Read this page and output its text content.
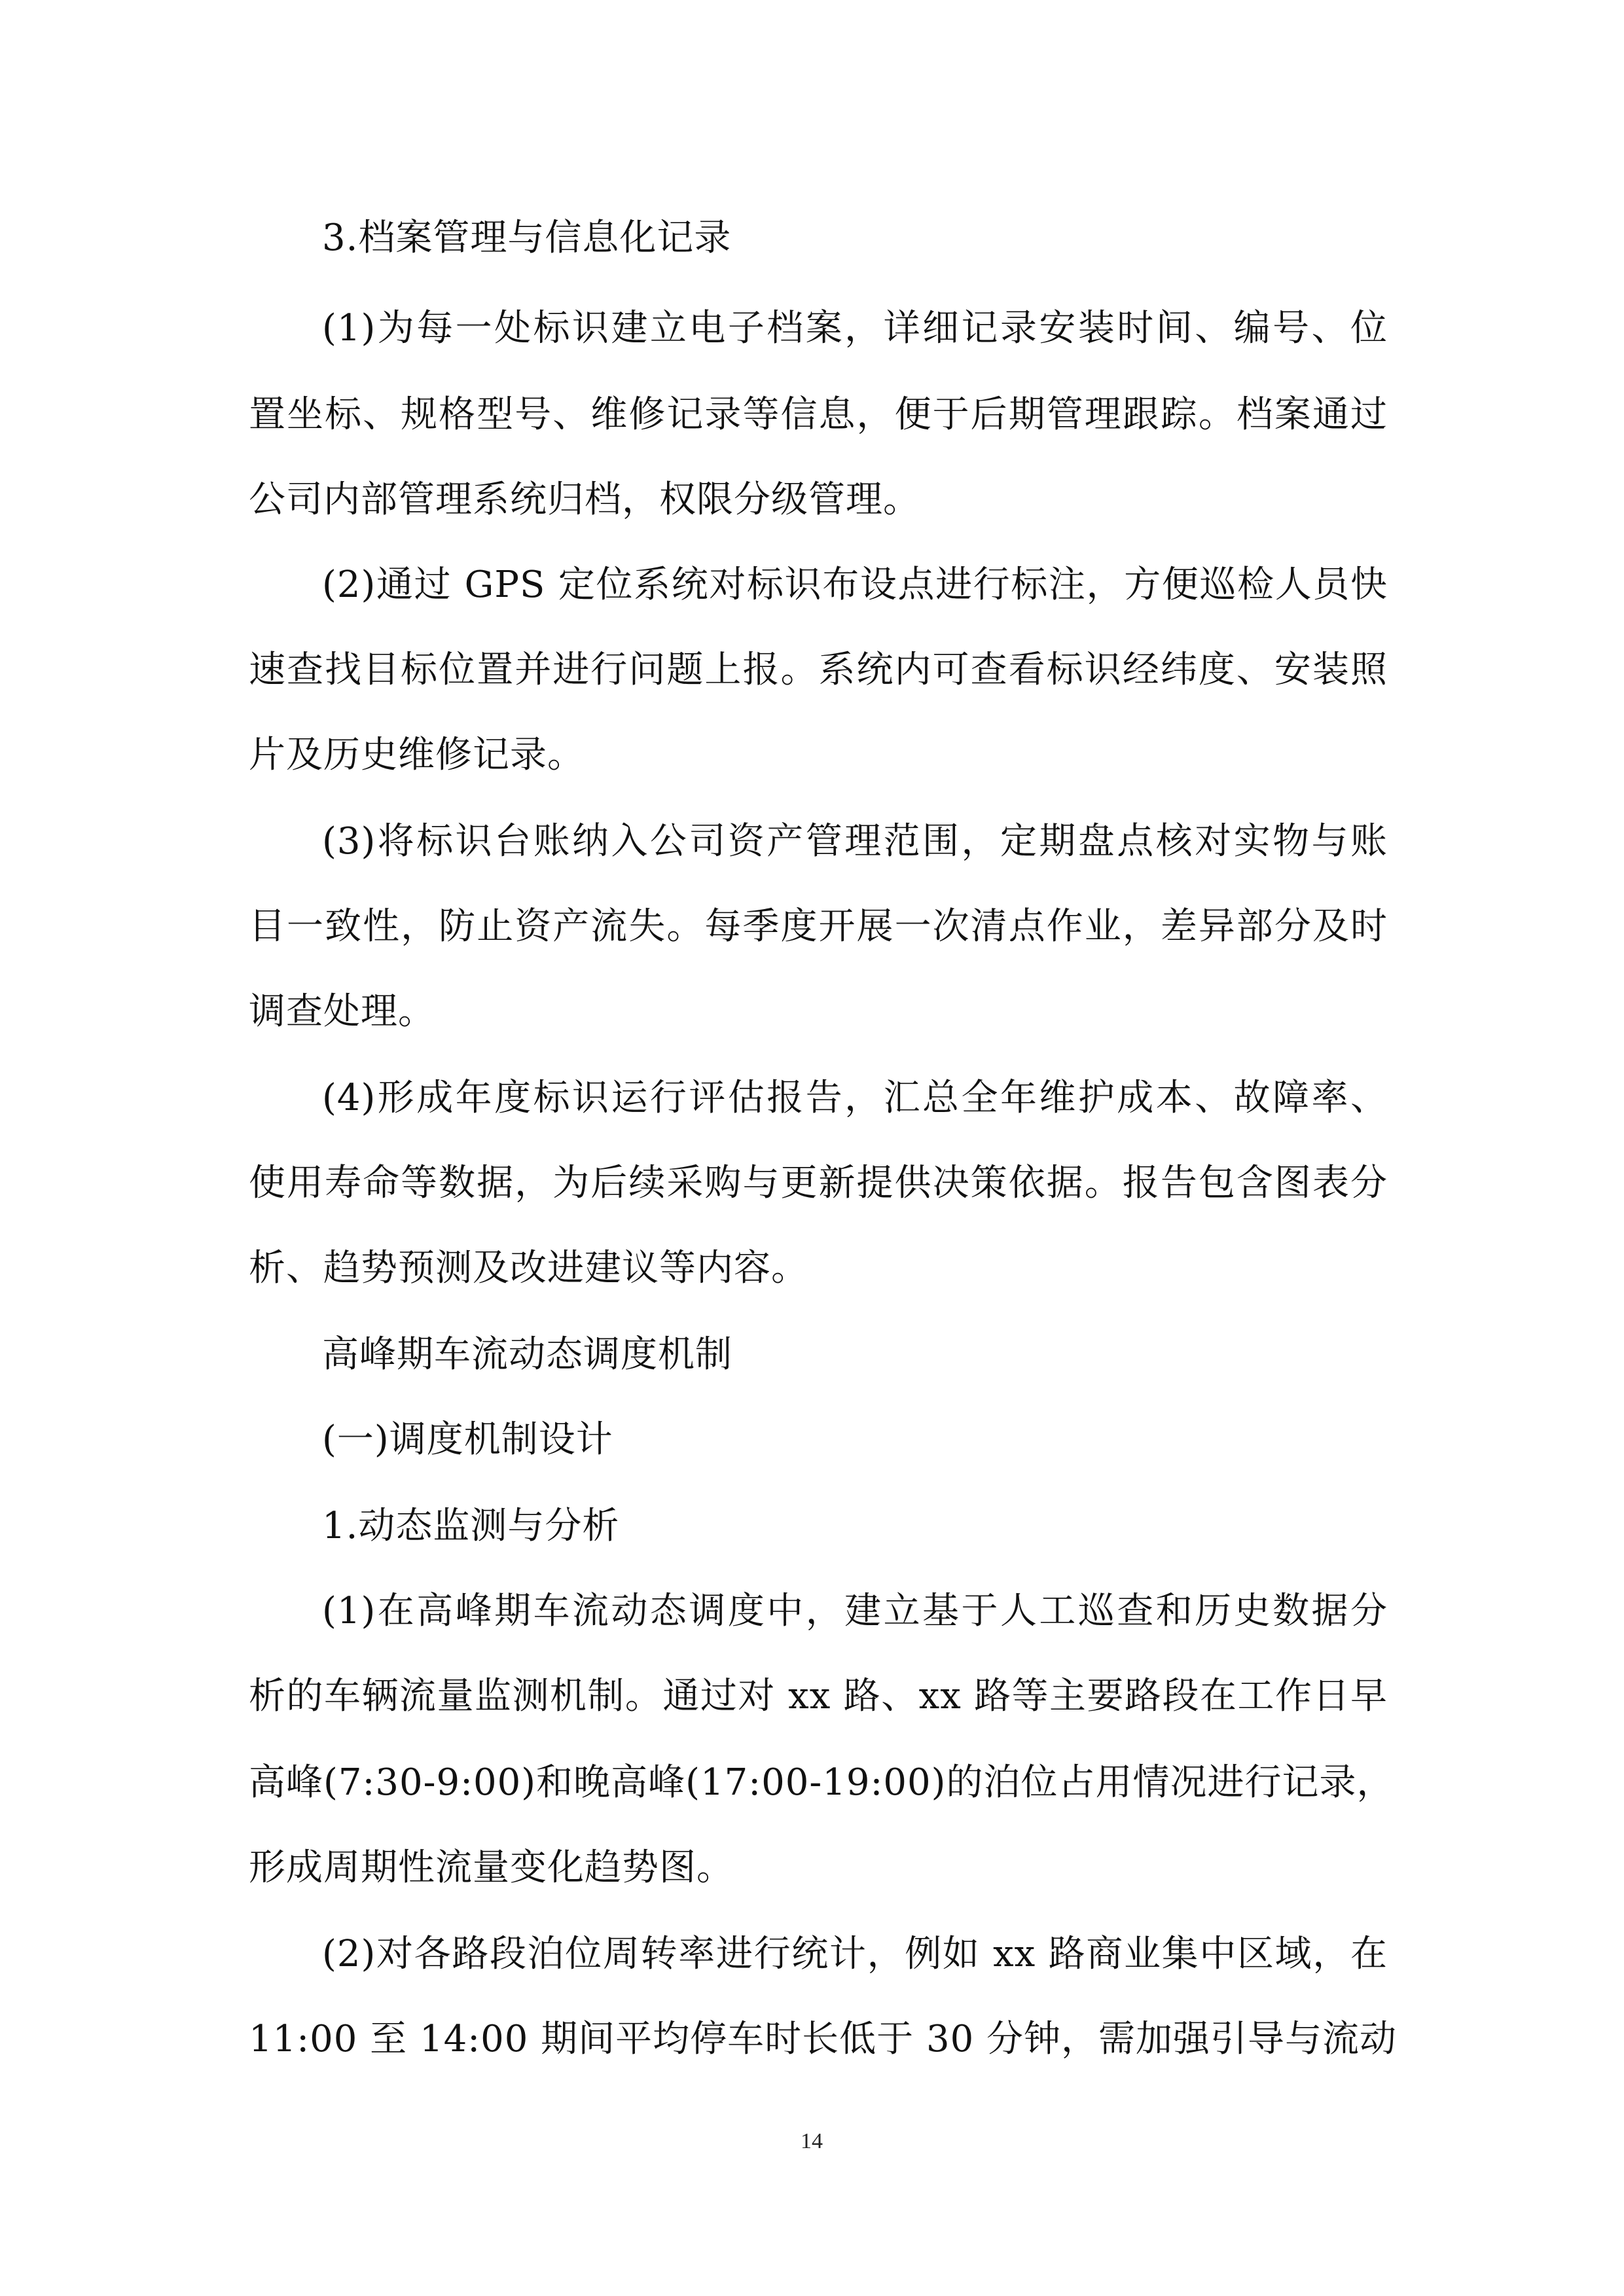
3.档案管理与信息化记录

(1)为每一处标识建立电子档案，详细记录安装时间、编号、位

置坐标、规格型号、维修记录等信息，便于后期管理跟踪。档案通过

公司内部管理系统归档，权限分级管理。

(2)通过 GPS 定位系统对标识布设点进行标注，方便巡检人员快

速查找目标位置并进行问题上报。系统内可查看标识经纬度、安装照

片及历史维修记录。

(3)将标识台账纳入公司资产管理范围，定期盘点核对实物与账

目一致性，防止资产流失。每季度开展一次清点作业，差异部分及时

调查处理。

(4)形成年度标识运行评估报告，汇总全年维护成本、故障率、

使用寿命等数据，为后续采购与更新提供决策依据。报告包含图表分

析、趋势预测及改进建议等内容。

高峰期车流动态调度机制

(一)调度机制设计

1.动态监测与分析

(1)在高峰期车流动态调度中，建立基于人工巡查和历史数据分

析的车辆流量监测机制。通过对 xx 路、xx 路等主要路段在工作日早

高峰(7:30-9:00)和晚高峰(17:00-19:00)的泊位占用情况进行记录，

形成周期性流量变化趋势图。

(2)对各路段泊位周转率进行统计，例如 xx 路商业集中区域，在

11:00 至 14:00 期间平均停车时长低于 30 分钟，需加强引导与流动

14
